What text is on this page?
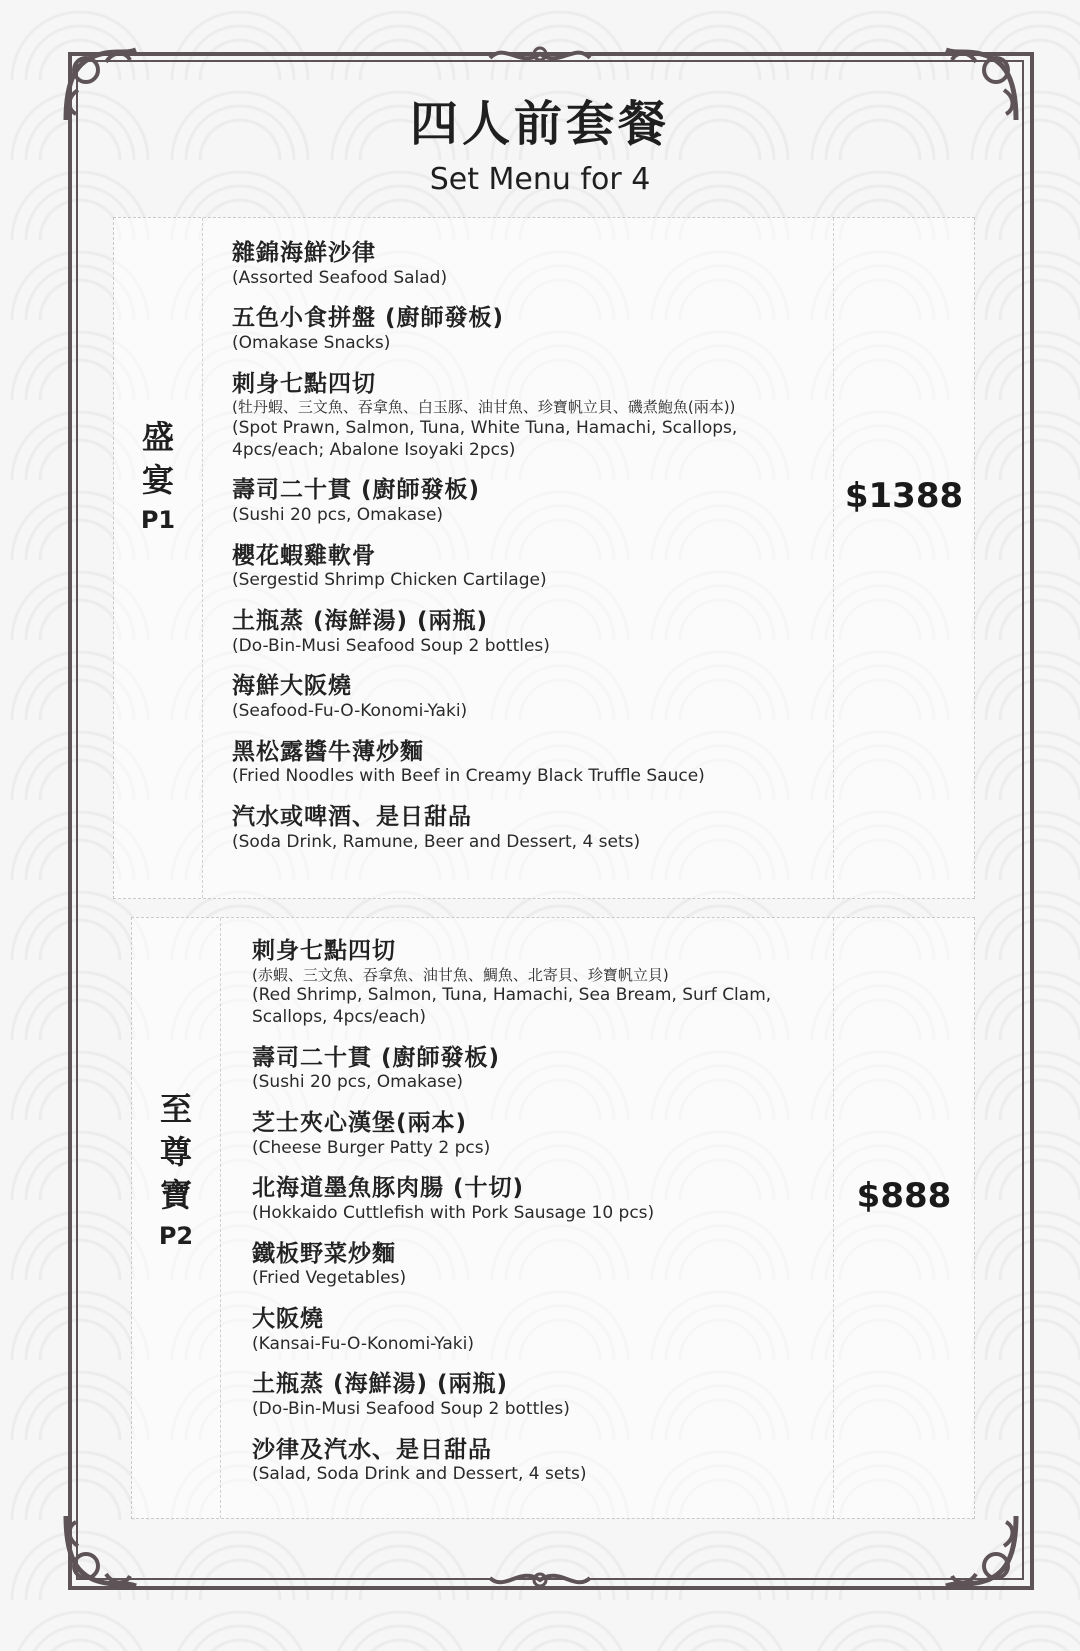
四人前套餐
Set Menu for 4
盛宴
P1
$1388
雜錦海鮮沙律
(Assorted Seafood Salad)
五色小食拼盤 (廚師發板)
(Omakase Snacks)
刺身七點四切
(牡丹蝦、三文魚、吞拿魚、白玉豚、油甘魚、珍寶帆立貝、磯煮鮑魚(兩本))
(Spot Prawn, Salmon, Tuna, White Tuna, Hamachi, Scallops, 4pcs/each; Abalone Isoyaki 2pcs)
壽司二十貫 (廚師發板)
(Sushi 20 pcs, Omakase)
櫻花蝦雞軟骨
(Sergestid Shrimp Chicken Cartilage)
土瓶蒸 (海鮮湯) (兩瓶)
(Do-Bin-Musi Seafood Soup 2 bottles)
海鮮大阪燒
(Seafood-Fu-O-Konomi-Yaki)
黑松露醬牛薄炒麵
(Fried Noodles with Beef in Creamy Black Truffle Sauce)
汽水或啤酒、是日甜品
(Soda Drink, Ramune, Beer and Dessert, 4 sets)
至尊寶
P2
$888
刺身七點四切
(赤蝦、三文魚、吞拿魚、油甘魚、鯛魚、北寄貝、珍寶帆立貝)
(Red Shrimp, Salmon, Tuna, Hamachi, Sea Bream, Surf Clam, Scallops, 4pcs/each)
壽司二十貫 (廚師發板)
(Sushi 20 pcs, Omakase)
芝士夾心漢堡(兩本)
(Cheese Burger Patty 2 pcs)
北海道墨魚豚肉腸 (十切)
(Hokkaido Cuttlefish with Pork Sausage 10 pcs)
鐵板野菜炒麵
(Fried Vegetables)
大阪燒
(Kansai-Fu-O-Konomi-Yaki)
土瓶蒸 (海鮮湯) (兩瓶)
(Do-Bin-Musi Seafood Soup 2 bottles)
沙律及汽水、是日甜品
(Salad, Soda Drink and Dessert, 4 sets)
